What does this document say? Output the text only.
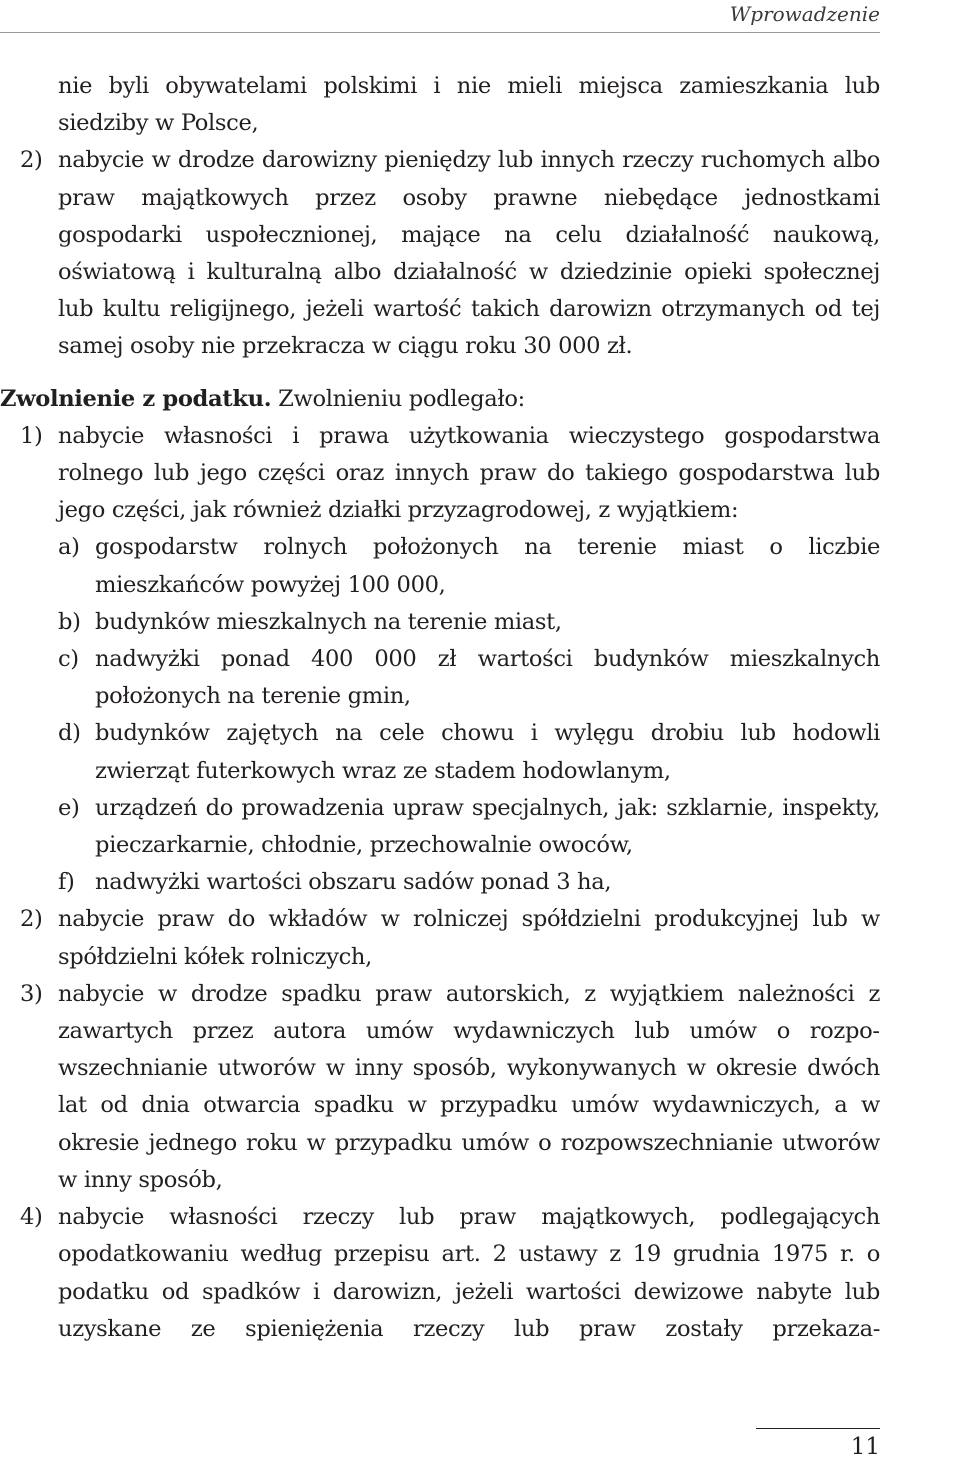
Wprowadzenie

nie byli obywatelami polskimi i nie mieli miejsca zamieszkania lub siedziby w Polsce,

2) nabycie w drodze darowizny pieniędzy lub innych rzeczy ruchomych albo praw majątkowych przez osoby prawne niebędące jednostkami gospodarki uspołecznionej, mające na celu działalność naukową, oświatową i kulturalną albo działalność w dziedzinie opieki społecznej lub kultu religijnego, jeżeli wartość takich darowizn otrzymanych od tej samej osoby nie przekracza w ciągu roku 30 000 zł.
Zwolnienie z podatku. Zwolnieniu podlegało:
1) nabycie własności i prawa użytkowania wieczystego gospodarstwa rolnego lub jego części oraz innych praw do takiego gospodarstwa lub jego części, jak również działki przyzagrodowej, z wyjątkiem:
a) gospodarstw rolnych położonych na terenie miast o liczbie mieszkańców powyżej 100 000,
b) budynków mieszkalnych na terenie miast,
c) nadwyżki ponad 400 000 zł wartości budynków mieszkalnych położonych na terenie gmin,
d) budynków zajętych na cele chowu i wylęgu drobiu lub hodowli zwierząt futerkowych wraz ze stadem hodowlanym,
e) urządzeń do prowadzenia upraw specjalnych, jak: szklarnie, inspekty, pieczarkarnie, chłodnie, przechowalnie owoców,
f) nadwyżki wartości obszaru sadów ponad 3 ha,
2) nabycie praw do wkładów w rolniczej spółdzielni produkcyjnej lub w spółdzielni kółek rolniczych,
3) nabycie w drodze spadku praw autorskich, z wyjątkiem należności z zawartych przez autora umów wydawniczych lub umów o rozpowszechnianie utworów w inny sposób, wykonywanych w okresie dwóch lat od dnia otwarcia spadku w przypadku umów wydawniczych, a w okresie jednego roku w przypadku umów o rozpowszechnianie utworów w inny sposób,
4) nabycie własności rzeczy lub praw majątkowych, podlegających opodatkowaniu według przepisu art. 2 ustawy z 19 grudnia 1975 r. o podatku od spadków i darowizn, jeżeli wartości dewizowe nabyte lub uzyskane ze spieniężenia rzeczy lub praw zostały przekaza-
11
